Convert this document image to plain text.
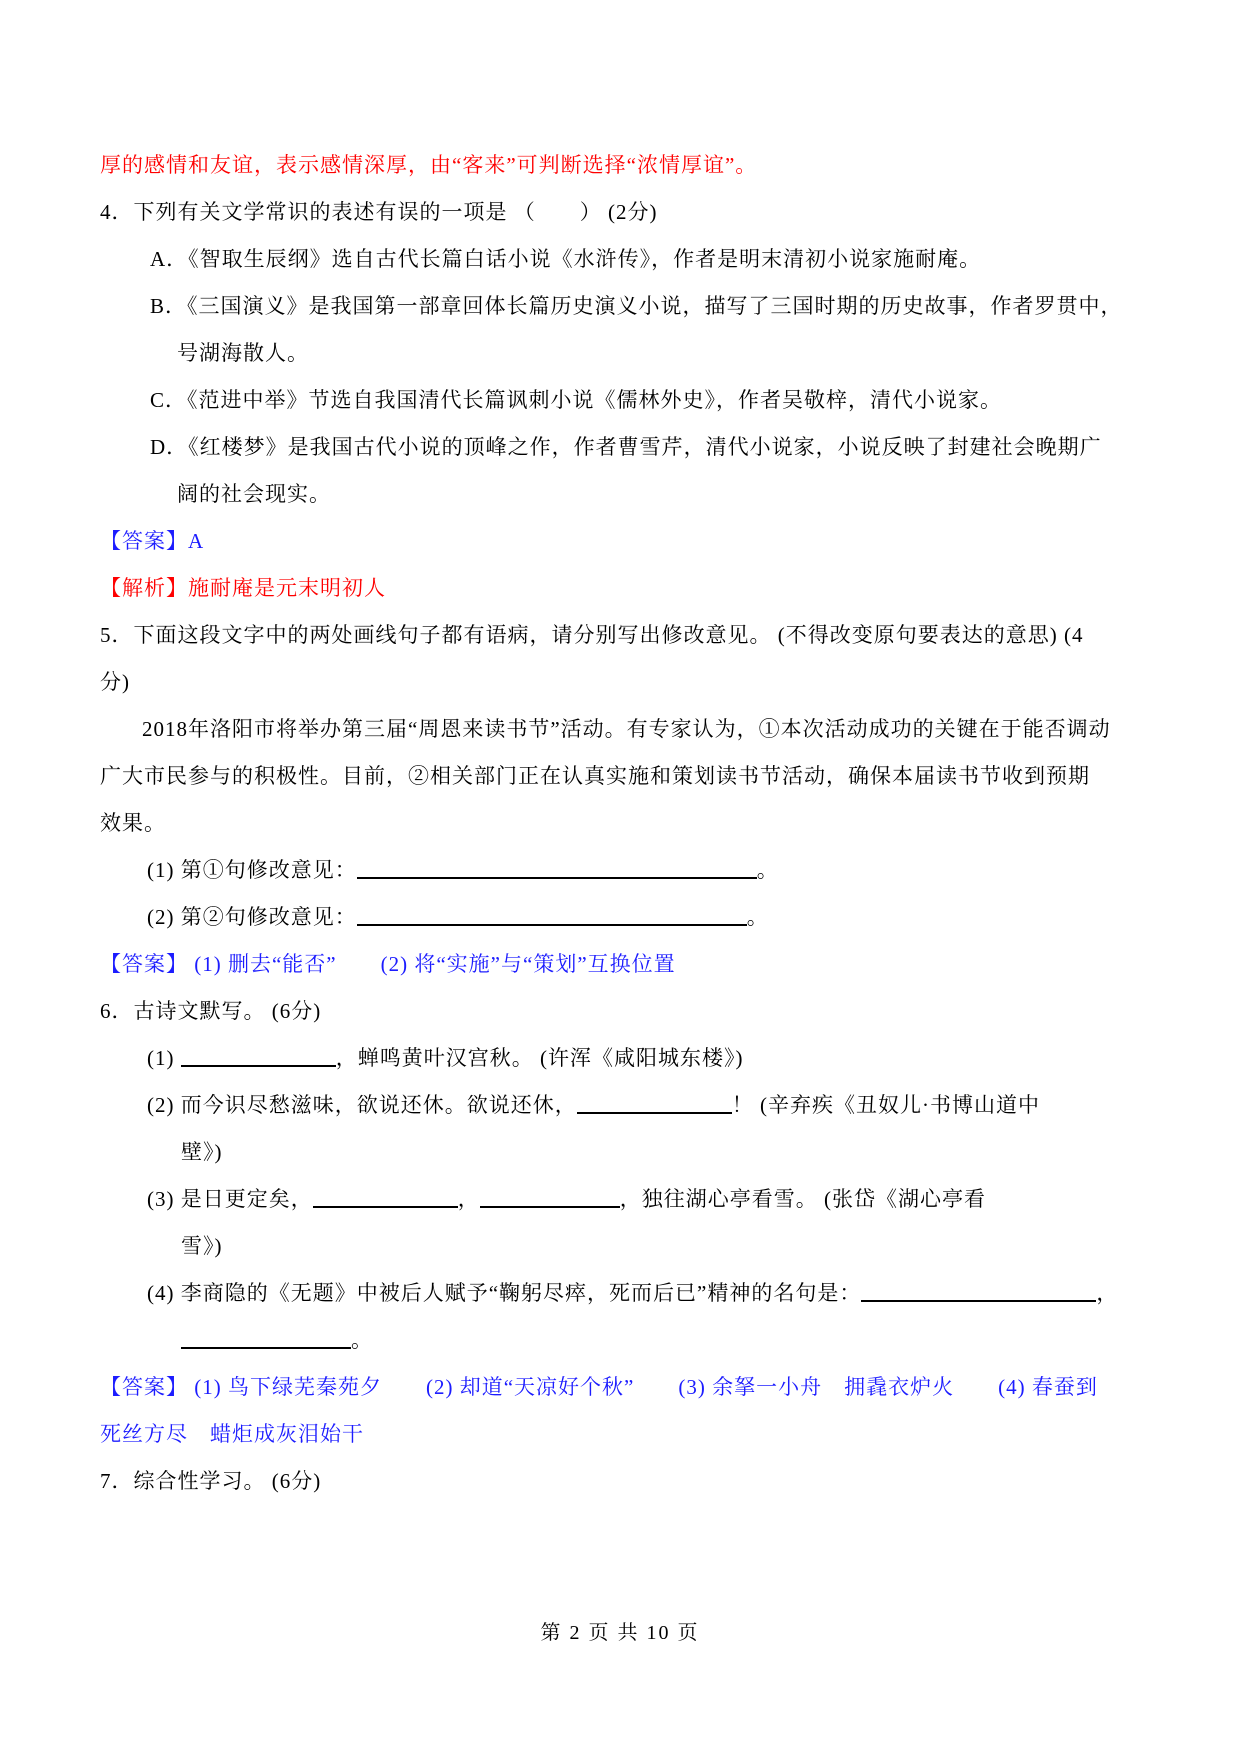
厚的感情和友谊，表示感情深厚，由“客来”可判断选择“浓情厚谊”。
4．下列有关文学常识的表述有误的一项是 （　　） (2分)
A．《智取生辰纲》选自古代长篇白话小说《水浒传》，作者是明末清初小说家施耐庵。
B．《三国演义》是我国第一部章回体长篇历史演义小说，描写了三国时期的历史故事，作者罗贯中，
号湖海散人。
C．《范进中举》节选自我国清代长篇讽刺小说《儒林外史》，作者吴敬梓，清代小说家。
D．《红楼梦》是我国古代小说的顶峰之作，作者曹雪芹，清代小说家，小说反映了封建社会晚期广
阔的社会现实。
【答案】A
【解析】施耐庵是元末明初人
5．下面这段文字中的两处画线句子都有语病，请分别写出修改意见。 (不得改变原句要表达的意思) (4
分)
2018年洛阳市将举办第三届“周恩来读书节”活动。有专家认为，①本次活动成功的关键在于能否调动
广大市民参与的积极性。目前，②相关部门正在认真实施和策划读书节活动，确保本届读书节收到预期
效果。
(1) 第①句修改意见：	。
(2) 第②句修改意见：	。
【答案】 (1) 删去“能否”　　(2) 将“实施”与“策划”互换位置
6．古诗文默写。 (6分)
(1)	，蝉鸣黄叶汉宫秋。 (许浑《咸阳城东楼》)
(2) 而今识尽愁滋味，欲说还休。欲说还休，	！ (辛弃疾《丑奴儿·书博山道中
壁》)
(3) 是日更定矣，	，	，独往湖心亭看雪。 (张岱《湖心亭看
雪》)
(4) 李商隐的《无题》中被后人赋予“鞠躬尽瘁，死而后已”精神的名句是：	，
。
【答案】 (1) 鸟下绿芜秦苑夕　　(2) 却道“天凉好个秋”　　(3) 余拏一小舟　拥毳衣炉火　　(4) 春蚕到
死丝方尽　蜡炬成灰泪始干
7．综合性学习。 (6分)
第 2 页 共 10 页
